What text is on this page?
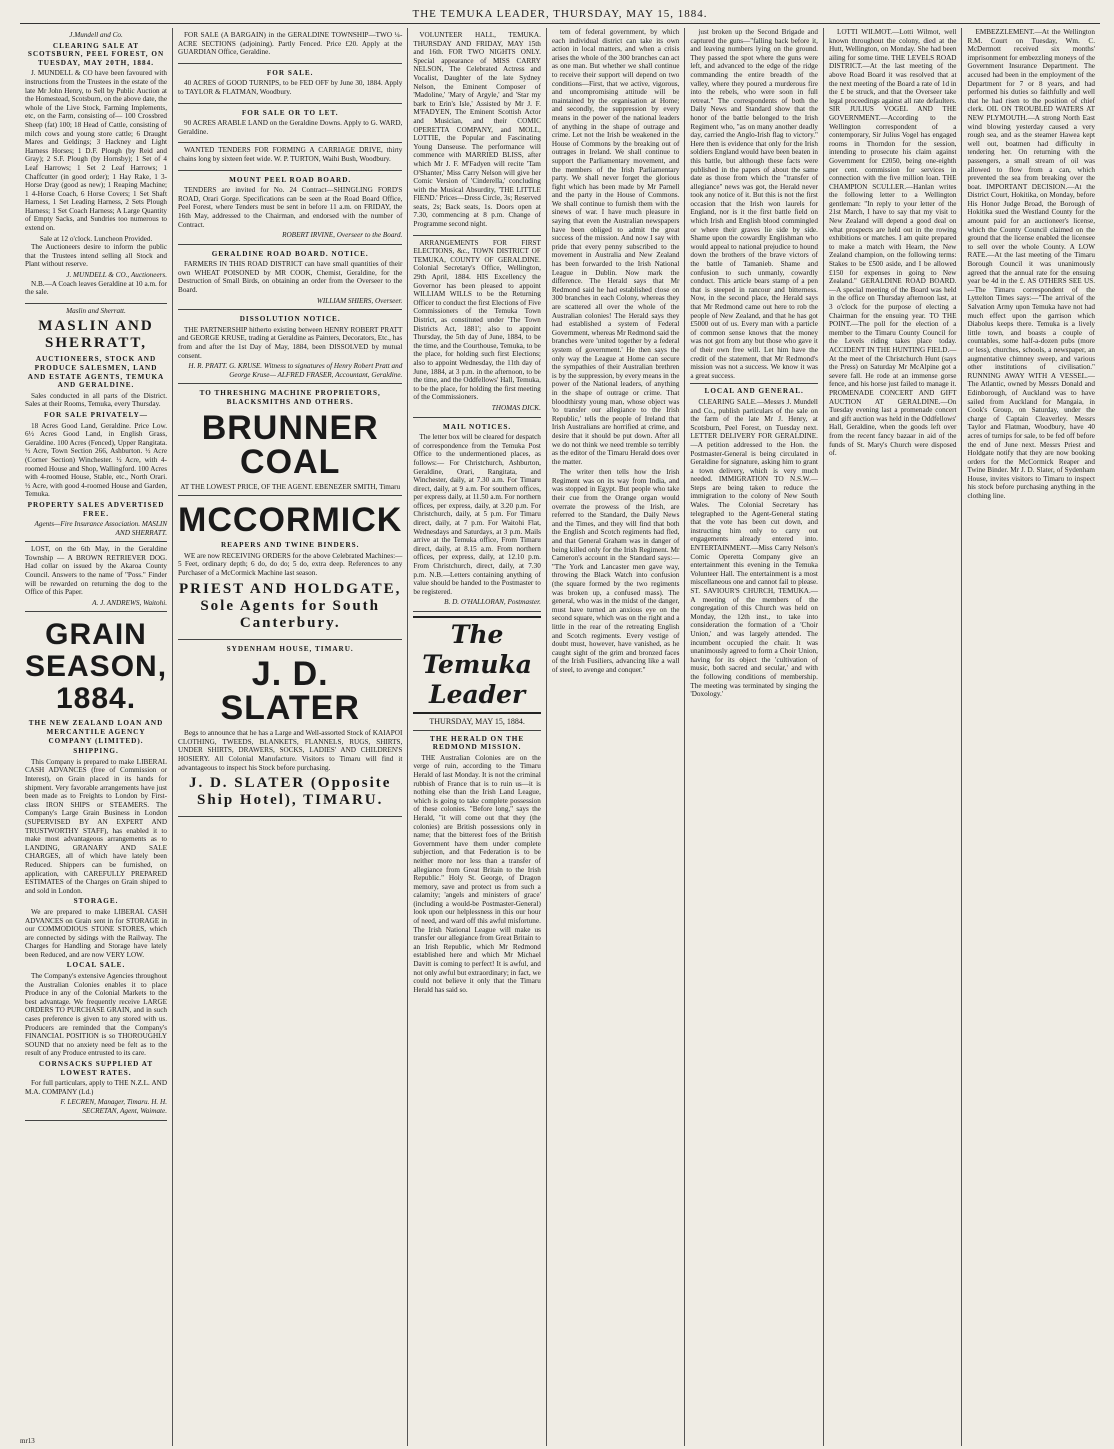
THE TEMUKA LEADER, THURSDAY, MAY 15, 1884.
J.Mundell and Co.
CLEARING SALE AT SCOTSBURN, PEEL FOREST, ON TUESDAY, MAY 20TH, 1884.

J. MUNDELL & CO have been favoured with instructions from the Trustees in the estate of the late Mr John Henry, to Sell by Public Auction at the Homestead, Scotsburn, on the above date, the whole of the Live Stock, Farming Implements, etc, on the Farm, consisting of— 100 Crossbred Sheep (fat) 100; 18 Head of Cattle, consisting of milch cows and young store cattle; 6 Draught Mares and Geldings; 3 Hackney and Light Harness Horses; 1 D.F. Plough (by Reid and Gray); 2 S.F. Plough (by Hornsby); 1 Set of 4 Leaf Harrows; 1 Set 2 Leaf Harrows; 1 Chaffcutter (in good order); 1 Hay Rake, 1 3-Horse Dray (good as new); 1 Reaping Machine; 1 4-Horse Coach, 6 Horse Covers; 1 Set Shaft Harness, 1 Set Leading Harness, 2 Sets Plough Harness; 1 Set Coach Harness; A Large Quantity of Empty Sacks, and Sundries too numerous to extend on.

Sale at 12 o'clock. Luncheon Provided.

The Auctioneers desire to inform the public that the Trustees intend selling all Stock and Plant without reserve.

J. MUNDELL & CO., Auctioneers.

N.B.—A Coach leaves Geraldine at 10 a.m. for the sale.

Maslin and Sherratt.
MASLIN AND SHERRATT,
AUCTIONEERS, STOCK AND PRODUCE SALESMEN, LAND AND ESTATE AGENTS, TEMUKA AND GERALDINE.

Sales conducted in all parts of the District. Sales at their Rooms, Temuka, every Thursday.

FOR SALE PRIVATELY—

18 Acres Good Land, Geraldine. Price Low. 6½ Acres Good Land, in English Grass, Geraldine. 100 Acres (Fenced), Upper Rangitata. ½ Acre, Town Section 266, Ashburton. ½ Acre (Corner Section) Winchester. ½ Acre, with 4-roomed House and Shop, Wallingford. 100 Acres with 4-roomed House, Stable, etc., North Orari. ½ Acre, with good 4-roomed House and Garden, Temuka.

PROPERTY SALES ADVERTISED FREE.
Agents—Fire Insurance Association. MASLIN AND SHERRATT.

LOST, on the 6th May, in the Geraldine Township — A BROWN RETRIEVER DOG. Had collar on issued by the Akaroa County Council. Answers to the name of "Poss." Finder will be rewarded on returning the dog to the Office of this Paper.

A. J. ANDREWS, Waitohi.
GRAIN SEASON, 1884.
THE NEW ZEALAND LOAN AND MERCANTILE AGENCY COMPANY (LIMITED).
SHIPPING.

This Company is prepared to make LIBERAL CASH ADVANCES (free of Commission or Interest), on Grain placed in its hands for shipment. Very favorable arrangements have just been made as to Freights to London by First-class IRON SHIPS or STEAMERS. The Company's Large Grain Business in London (SUPERVISED BY AN EXPERT AND TRUSTWORTHY STAFF), has enabled it to make most advantageous arrangements as to LANDING, GRANARY AND SALE CHARGES, all of which have lately been Reduced. Shippers can be furnished, on application, with CAREFULLY PREPARED ESTIMATES of the Charges on Grain shiped to and sold in London.

STORAGE.

We are prepared to make LIBERAL CASH ADVANCES on Grain sent in for STORAGE in our COMMODIOUS STONE STORES, which are connected by sidings with the Railway. The Charges for Handling and Storage have lately been Reduced, and are now VERY LOW.

LOCAL SALE.

The Company's extensive Agencies throughout the Australian Colonies enables it to place Produce in any of the Colonial Markets to the best advantage. We frequently receive LARGE ORDERS TO PURCHASE GRAIN, and in such cases preference is given to any stored with us. Producers are reminded that the Company's FINANCIAL POSITION is so THOROUGHLY SOUND that no anxiety need be felt as to the result of any Produce entrusted to its care.

CORNSACKS SUPPLIED AT LOWEST RATES.

For full particulars, apply to THE N.Z.L. AND M.A. COMPANY (Ld.)

F. LECREN, Manager, Timaru. H. H. SECRETAN, Agent, Waimate.

FOR SALE (A BARGAIN) in the GERALDINE TOWNSHIP—TWO ¼-ACRE SECTIONS (adjoining). Partly Fenced. Price £20. Apply at the GUARDIAN Office, Geraldine.

FOR SALE.

40 ACRES of GOOD TURNIPS, to be FED OFF by June 30, 1884. Apply to TAYLOR & FLATMAN, Woodbury.

FOR SALE OR TO LET.

90 ACRES ARABLE LAND on the Geraldine Downs. Apply to G. WARD, Geraldine.

WANTED TENDERS FOR FORMING A CARRIAGE DRIVE, thirty chains long by sixteen feet wide. W. P. TURTON, Waihi Bush, Woodbury.

MOUNT PEEL ROAD BOARD.

TENDERS are invited for No. 24 Contract—SHINGLING FORD'S ROAD, Orari Gorge. Specifications can be seen at the Road Board Office, Peel Forest, where Tenders must be sent in before 11 a.m. on FRIDAY, the 16th May, addressed to the Chairman, and endorsed with the number of Contract.

ROBERT IRVINE, Overseer to the Board.
GERALDINE ROAD BOARD. NOTICE.

FARMERS IN THIS ROAD DISTRICT can have small quantities of their own WHEAT POISONED by MR COOK, Chemist, Geraldine, for the Destruction of Small Birds, on obtaining an order from the Overseer to the Board.

WILLIAM SHIERS, Overseer.
DISSOLUTION NOTICE.

THE PARTNERSHIP hitherto existing between HENRY ROBERT PRATT and GEORGE KRUSE, trading at Geraldine as Painters, Decorators, Etc., has from and after the 1st Day of May, 1884, been DISSOLVED by mutual consent.

H. R. PRATT. G. KRUSE. Witness to signatures of Henry Robert Pratt and George Kruse— ALFRED FRASER, Accountant, Geraldine.
TO THRESHING MACHINE PROPRIETORS, BLACKSMITHS AND OTHERS.
BRUNNER COAL
AT THE LOWEST PRICE, OF THE AGENT. EBENEZER SMITH, Timaru
MCCORMICK
REAPERS AND TWINE BINDERS.

WE are now RECEIVING ORDERS for the above Celebrated Machines:— 5 Feet, ordinary depth; 6 do, do do; 5 do, extra deep. References to any Purchaser of a McCormick Machine last season.

PRIEST AND HOLDGATE, Sole Agents for South Canterbury.
SYDENHAM HOUSE, TIMARU.
J. D. SLATER

Begs to announce that he has a Large and Well-assorted Stock of KAIAPOI CLOTHING, TWEEDS, BLANKETS, FLANNELS, RUGS, SHIRTS, UNDER SHIRTS, DRAWERS, SOCKS, LADIES' AND CHILDREN'S HOSIERY. All Colonial Manufacture. Visitors to Timaru will find it advantageous to inspect his Stock before purchasing.

J. D. SLATER (Opposite Ship Hotel), TIMARU.

VOLUNTEER HALL, TEMUKA. THURSDAY AND FRIDAY, MAY 15th and 16th. FOR TWO NIGHTS ONLY. Special appearance of MISS CARRY NELSON, The Celebrated Actress and Vocalist, Daughter of the late Sydney Nelson, the Eminent Composer of 'Madoline,' 'Mary of Argyle,' and 'Star my bark to Erin's Isle,' Assisted by Mr J. F. M'FADYEN, The Eminent Scottish Actor and Musician, and their COMIC OPERETTA COMPANY, and MOLL, LOTTIE, the Popular and Fascinating Young Danseuse. The performance will commence with MARRIED BLISS, after which Mr J. F. M'Fadyen will recite 'Tam O'Shanter,' Miss Carry Nelson will give her Comic Version of 'Cinderella,' concluding with the Musical Absurdity, 'THE LITTLE FIEND.' Prices—Dress Circle, 3s; Reserved seats, 2s; Back seats, 1s. Doors open at 7.30, commencing at 8 p.m. Change of Programme second night.

ARRANGEMENTS FOR FIRST ELECTIONS, &c., TOWN DISTRICT OF TEMUKA, COUNTY OF GERALDINE. Colonial Secretary's Office, Wellington, 29th April, 1884. HIS Excellency the Governor has been pleased to appoint WILLIAM WILLS to be the Returning Officer to conduct the first Elections of Five Commissioners of the Temuka Town District, as constituted under 'The Town Districts Act, 1881'; also to appoint Thursday, the 5th day of June, 1884, to be the time, and the Courthouse, Temuka, to be the place, for holding such first Elections; also to appoint Wednesday, the 11th day of June, 1884, at 3 p.m. in the afternoon, to be the time, and the Oddfellows' Hall, Temuka, to be the place, for holding the first meeting of the Commissioners.

THOMAS DICK.
MAIL NOTICES.

The letter box will be cleared for despatch of correspondence from the Temuka Post Office to the undermentioned places, as follows:— For Christchurch, Ashburton, Geraldine, Orari, Rangitata, and Winchester, daily, at 7.30 a.m. For Timaru direct, daily, at 9 a.m. For southern offices, per express daily, at 11.50 a.m. For northern offices, per express, daily, at 3.20 p.m. For Christchurch, daily, at 5 p.m. For Timaru direct, daily, at 7 p.m. For Waitohi Flat, Wednesdays and Saturdays, at 3 p.m. Mails arrive at the Temuka office, From Timaru direct, daily, at 8.15 a.m. From northern offices, per express, daily, at 12.10 p.m. From Christchurch, direct, daily, at 7.30 p.m. N.B.—Letters containing anything of value should be handed to the Postmaster to be registered.

B. D. O'HALLORAN, Postmaster.
The Temuka Leader
THURSDAY, MAY 15, 1884.
THE HERALD ON THE REDMOND MISSION.

THE Australian Colonies are on the verge of ruin, according to the Timaru Herald of last Monday. It is not the criminal rubbish of France that is to ruin us—it is nothing else than the Irish Land League, which is going to take complete possession of these colonies. "Before long," says the Herald, "it will come out that they (the colonies) are British possessions only in name; that the bitterest foes of the British Government have them under complete subjection, and that Federation is to be neither more nor less than a transfer of allegiance from Great Britain to the Irish Republic." Holy St. George, of Dragon memory, save and protect us from such a calamity; 'angels and ministers of grace' (including a would-be Postmaster-General) look upon our helplessness in this our hour of need, and ward off this awful misfortune. The Irish National League will make us transfer our allegiance from Great Britain to an Irish Republic, which Mr Redmond established here and which Mr Michael Davitt is coming to perfect! It is awful, and not only awful but extraordinary; in fact, we could not believe it only that the Timaru Herald has said so.

tem of federal government, by which each individual district can take its own action in local matters, and when a crisis arises the whole of the 300 branches can act as one man. But whether we shall continue to receive their support will depend on two conditions—First, that we active, vigorous, and uncompromising attitude will be maintained by the organisation at Home; and secondly, the suppression by every means in the power of the national leaders of anything in the shape of outrage and crime. Let not the Irish be weakened in the House of Commons by the breaking out of outrages in Ireland. We shall continue to support the Parliamentary movement, and the members of the Irish Parliamentary party. We shall never forget the glorious fight which has been made by Mr Parnell and the party in the House of Commons. We shall continue to furnish them with the sinews of war. I have much pleasure in saying that even the Australian newspapers have been obliged to admit the great success of the mission. And now I say with pride that every penny subscribed to the movement in Australia and New Zealand has been forwarded to the Irish National League in Dublin. Now mark the difference. The Herald says that Mr Redmond said he had established close on 300 branches in each Colony, whereas they are scattered all over the whole of the Australian colonies! The Herald says they had established a system of Federal Government, whereas Mr Redmond said the branches were 'united together by a federal system of government.' He then says the only way the League at Home can secure the sympathies of their Australian brethren is by the suppression, by every means in the power of the National leaders, of anything in the shape of outrage or crime. That bloodthirsty young man, whose object was 'to transfer our allegiance to the Irish Republic,' tells the people of Ireland that Irish Australians are horrified at crime, and desire that it should be put down. After all we do not think we need tremble so terribly as the editor of the Timaru Herald does over the matter.

The writer then tells how the Irish Regiment was on its way from India, and was stopped in Egypt. But people who take their cue from the Orange organ would overrate the prowess of the Irish, are referred to the Standard, the Daily News and the Times, and they will find that both the English and Scotch regiments had fled, and that General Graham was in danger of being killed only for the Irish Regiment. Mr Cameron's account in the Standard says:— "The York and Lancaster men gave way, throwing the Black Watch into confusion (the square formed by the two regiments was broken up, a confused mass). The general, who was in the midst of the danger, must have turned an anxious eye on the second square, which was on the right and a little in the rear of the retreating English and Scotch regiments. Every vestige of doubt must, however, have vanished, as he caught sight of the grim and bronzed faces of the Irish Fusiliers, advancing like a wall of steel, to avenge and conquer."

just broken up the Second Brigade and captured the guns—"falling back before it, and leaving numbers lying on the ground. They passed the spot where the guns were left, and advanced to the edge of the ridge commanding the entire breadth of the valley, where they poured a murderous fire into the rebels, who were soon in full retreat." The correspondents of both the Daily News and Standard show that the honor of the battle belonged to the Irish Regiment who, "as on many another deadly day, carried the Anglo-Irish flag to victory." Here then is evidence that only for the Irish soldiers England would have been beaten in this battle, but although these facts were published in the papers of about the same date as those from which the "transfer of allegiance" news was got, the Herald never took any notice of it. But this is not the first occasion that the Irish won laurels for England, nor is it the first battle field on which Irish and English blood commingled or where their graves lie side by side. Shame upon the cowardly Englishman who would appeal to national prejudice to hound down the brothers of the brave victors of the battle of Tamanieb. Shame and confusion to such unmanly, cowardly conduct. This article bears stamp of a pen that is steeped in rancour and bitterness. Now, in the second place, the Herald says that Mr Redmond came out here to rob the people of New Zealand, and that he has got £5000 out of us. Every man with a particle of common sense knows that the money was not got from any but those who gave it of their own free will. Let him have the credit of the statement, that Mr Redmond's mission was not a success. We know it was a great success.

LOCAL AND GENERAL.

CLEARING SALE.—Messrs J. Mundell and Co., publish particulars of the sale on the farm of the late Mr J. Henry, at Scotsburn, Peel Forest, on Tuesday next. LETTER DELIVERY FOR GERALDINE.—A petition addressed to the Hon. the Postmaster-General is being circulated in Geraldine for signature, asking him to grant a town delivery, which is very much needed. IMMIGRATION TO N.S.W.—Steps are being taken to reduce the immigration to the colony of New South Wales. The Colonial Secretary has telegraphed to the Agent-General stating that the vote has been cut down, and instructing him only to carry out engagements already entered into. ENTERTAINMENT.—Miss Carry Nelson's Comic Operetta Company give an entertainment this evening in the Temuka Volunteer Hall. The entertainment is a most miscellaneous one and cannot fail to please. ST. SAVIOUR'S CHURCH, TEMUKA.—A meeting of the members of the congregation of this Church was held on Monday, the 12th inst., to take into consideration the formation of a 'Choir Union,' and was largely attended. The incumbent occupied the chair. It was unanimously agreed to form a Choir Union, having for its object the 'cultivation of music, both sacred and secular,' and with the following conditions of membership. The meeting was terminated by singing the 'Doxology.'

LOTTI WILMOT.—Lotti Wilmot, well known throughout the colony, died at the Hutt, Wellington, on Monday. She had been ailing for some time. THE LEVELS ROAD DISTRICT.—At the last meeting of the above Road Board it was resolved that at the next meeting of the Board a rate of 1d in the £ be struck, and that the Overseer take legal proceedings against all rate defaulters. SIR JULIUS VOGEL AND THE GOVERNMENT.—According to the Wellington correspondent of a contemporary, Sir Julius Vogel has engaged rooms in Thorndon for the session, intending to prosecute his claim against Government for £2050, being one-eighth per cent. commission for services in connection with the five million loan. THE CHAMPION SCULLER.—Hanlan writes the following letter to a Wellington gentleman: "In reply to your letter of the 21st March, I have to say that my visit to New Zealand will depend a good deal on what prospects are held out in the rowing exhibitions or matches. I am quite prepared to make a match with Hearn, the New Zealand champion, on the following terms: Stakes to be £500 aside, and I be allowed £150 for expenses in going to New Zealand." GERALDINE ROAD BOARD.—A special meeting of the Board was held in the office on Thursday afternoon last, at 3 o'clock for the purpose of electing a Chairman for the ensuing year. TO THE POINT.—The poll for the election of a member to the Timaru County Council for the Levels riding takes place today. ACCIDENT IN THE HUNTING FIELD.—At the meet of the Christchurch Hunt (says the Press) on Saturday Mr McAlpine got a severe fall. He rode at an immense gorse fence, and his horse just failed to manage it. PROMENADE CONCERT AND GIFT AUCTION AT GERALDINE.—On Tuesday evening last a promenade concert and gift auction was held in the Oddfellows' Hall, Geraldine, when the goods left over from the recent fancy bazaar in aid of the funds of St. Mary's Church were disposed of.

EMBEZZLEMENT.—At the Wellington R.M. Court on Tuesday, Wm. C. McDermott received six months' imprisonment for embezzling moneys of the Government Insurance Department. The accused had been in the employment of the Department for 7 or 8 years, and had performed his duties so faithfully and well that he had risen to the position of chief clerk. OIL ON TROUBLED WATERS AT NEW PLYMOUTH.—A strong North East wind blowing yesterday caused a very rough sea, and as the steamer Hawea kept well out, boatmen had difficulty in tendering her. On returning with the passengers, a small stream of oil was allowed to flow from a can, which prevented the sea from breaking over the boat. IMPORTANT DECISION.—At the District Court, Hokitika, on Monday, before His Honor Judge Broad, the Borough of Hokitika sued the Westland County for the amount paid for an auctioneer's license, which the County Council claimed on the ground that the license enabled the licensee to sell over the whole County. A LOW RATE.—At the last meeting of the Timaru Borough Council it was unanimously agreed that the annual rate for the ensuing year be 4d in the £. AS OTHERS SEE US.—The Timaru correspondent of the Lyttelton Times says:—"The arrival of the Salvation Army upon Temuka have not had much effect upon the garrison which Diabolus keeps there. Temuka is a lively little town, and boasts a couple of countables, some half-a-dozen pubs (more or less), churches, schools, a newspaper, an augmentative chimney sweep, and various other institutions of civilisation." RUNNING AWAY WITH A VESSEL.—The Atlantic, owned by Messrs Donald and Edinborough, of Auckland was to have sailed from Auckland for Mangaia, in Cook's Group, on Saturday, under the charge of Captain Cleaverley. Messrs Taylor and Flatman, Woodbury, have 40 acres of turnips for sale, to be fed off before the end of June next. Messrs Priest and Holdgate notify that they are now booking orders for the McCormick Reaper and Twine Binder. Mr J. D. Slater, of Sydenham House, invites visitors to Timaru to inspect his stock before purchasing anything in the clothing line.

mr13
